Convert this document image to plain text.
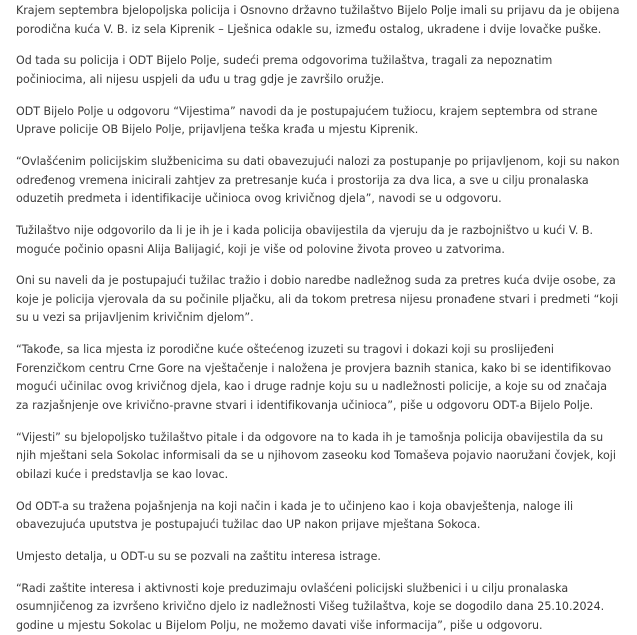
Krajem septembra bjelopoljska policija i Osnovno državno tužilaštvo Bijelo Polje imali su prijavu da je obijena porodična kuća V. B. iz sela Kiprenik – Lješnica odakle su, između ostalog, ukradene i dvije lovačke puške.

Od tada su policija i ODT Bijelo Polje, sudeći prema odgovorima tužilaštva, tragali za nepoznatim počiniocima, ali nijesu uspjeli da uđu u trag gdje je završilo oružje.

ODT Bijelo Polje u odgovoru “Vijestima” navodi da je postupajućem tužiocu, krajem septembra od strane Uprave policije OB Bijelo Polje, prijavljena teška krađa u mjestu Kiprenik.

“Ovlašćenim policijskim službenicima su dati obavezujući nalozi za postupanje po prijavljenom, koji su nakon određenog vremena inicirali zahtjev za pretresanje kuća i prostorija za dva lica, a sve u cilju pronalaska oduzetih predmeta i identifikacije učinioca ovog krivičnog djela”, navodi se u odgovoru.

Tužilaštvo nije odgovorilo da li je ih je i kada policija obavijestila da vjeruju da je razbojništvo u kući V. B. moguće počinio opasni Alija Balijagić, koji je više od polovine života proveo u zatvorima.

Oni su naveli da je postupajući tužilac tražio i dobio naredbe nadležnog suda za pretres kuća dvije osobe, za koje je policija vjerovala da su počinile pljačku, ali da tokom pretresa nijesu pronađene stvari i predmeti “koji su u vezi sa prijavljenim krivičnim djelom”.

“Takođe, sa lica mjesta iz porodične kuće oštećenog izuzeti su tragovi i dokazi koji su proslijeđeni Forenzičkom centru Crne Gore na vještačenje i naložena je provjera baznih stanica, kako bi se identifikovao mogući učinilac ovog krivičnog djela, kao i druge radnje koju su u nadležnosti policije, a koje su od značaja za razjašnjenje ove krivično-pravne stvari i identifikovanja učinioca”, piše u odgovoru ODT-a Bijelo Polje.

“Vijesti” su bjelopoljsko tužilaštvo pitale i da odgovore na to kada ih je tamošnja policija obavijestila da su njih mještani sela Sokolac informisali da se u njihovom zaseoku kod Tomaševa pojavio naoružani čovjek, koji obilazi kuće i predstavlja se kao lovac.

Od ODT-a su tražena pojašnjenja na koji način i kada je to učinjeno kao i koja obavještenja, naloge ili obavezujuća uputstva je postupajući tužilac dao UP nakon prijave mještana Sokoca.

Umjesto detalja, u ODT-u su se pozvali na zaštitu interesa istrage.

“Radi zaštite interesa i aktivnosti koje preduzimaju ovlašćeni policijski službenici i u cilju pronalaska osumnjičenog za izvršeno krivično djelo iz nadležnosti Višeg tužilaštva, koje se dogodilo dana 25.10.2024. godine u mjestu Sokolac u Bijelom Polju, ne možemo davati više informacija”, piše u odgovoru.
